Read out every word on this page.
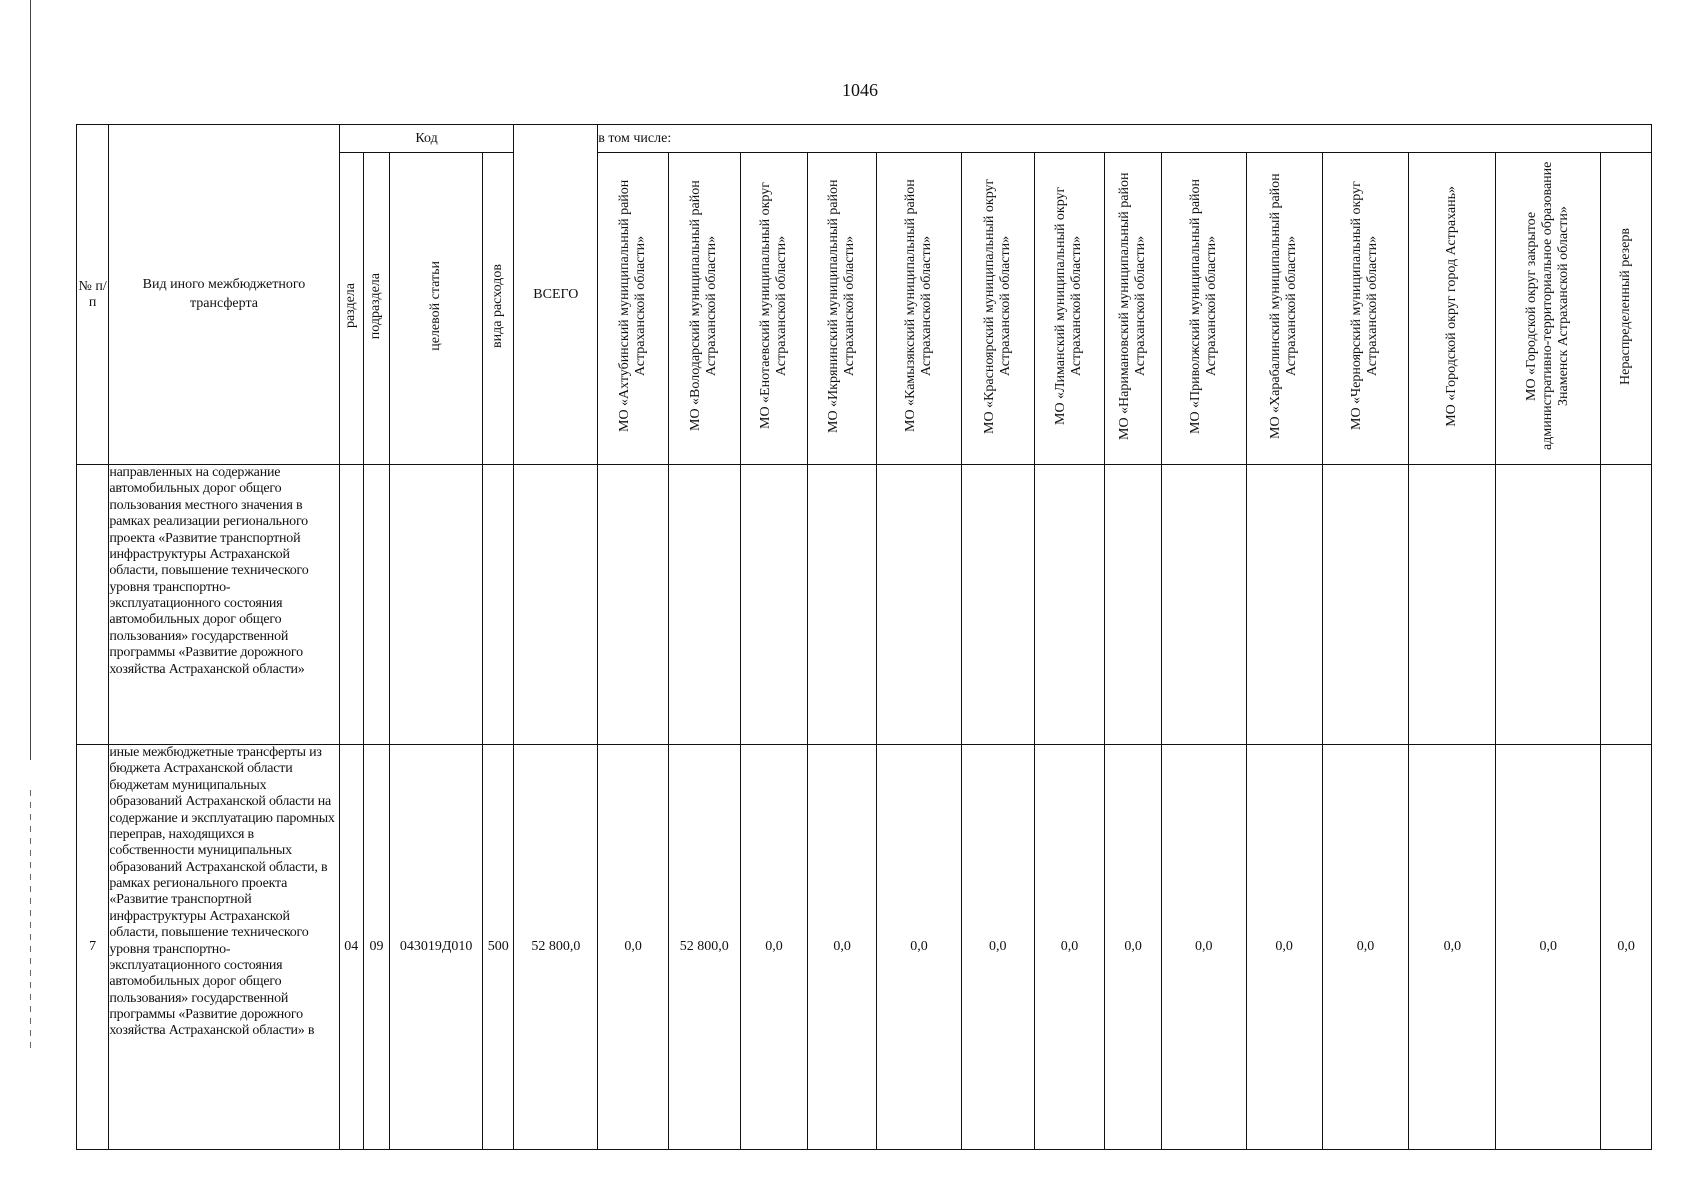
1046
№ п/п	Вид иного межбюджетного трансферта	Код				ВСЕГО	в том числе:													
		раздела	подраздела	целевой статьи	вида расходов		МО «Ахтубинский муниципальный район Астраханской области»	МО «Володарский муниципальный район Астраханской области»	МО «Енотаевский муниципальный округ Астраханской области»	МО «Икрянинский муниципальный район Астраханской области»	МО «Камызякский муниципальный район Астраханской области»	МО «Красноярский муниципальный округ Астраханской области»	МО «Лиманский муниципальный округ Астраханской области»	МО «Наримановский муниципальный район Астраханской области»	МО «Приволжский муниципальный район Астраханской области»	МО «Харабалинский муниципальный район Астраханской области»	МО «Черноярский муниципальный округ Астраханской области»	МО «Городской округ город Астрахань»	МО «Городской округ закрытое административно-территориальное образование Знаменск Астраханской области»	Нераспределенный резерв
	направленных на содержание автомобильных дорог общего пользования местного значения в рамках реализации регионального проекта «Развитие транспортной инфраструктуры Астраханской области, повышение технического уровня транспортно-эксплуатационного состояния автомобильных дорог общего пользования» государственной программы «Развитие дорожного хозяйства Астраханской области»																			
7	иные межбюджетные трансферты из бюджета Астраханской области бюджетам муниципальных образований Астраханской области на содержание и эксплуатацию паромных переправ, находящихся в собственности муниципальных образований Астраханской области, в рамках регионального проекта «Развитие транспортной инфраструктуры Астраханской области, повышение технического уровня транспортно-эксплуатационного состояния автомобильных дорог общего пользования» государственной программы «Развитие дорожного хозяйства Астраханской области» в	04	09	043019Д010	500	52 800,0	0,0	52 800,0	0,0	0,0	0,0	0,0	0,0	0,0	0,0	0,0	0,0	0,0	0,0	0,0
